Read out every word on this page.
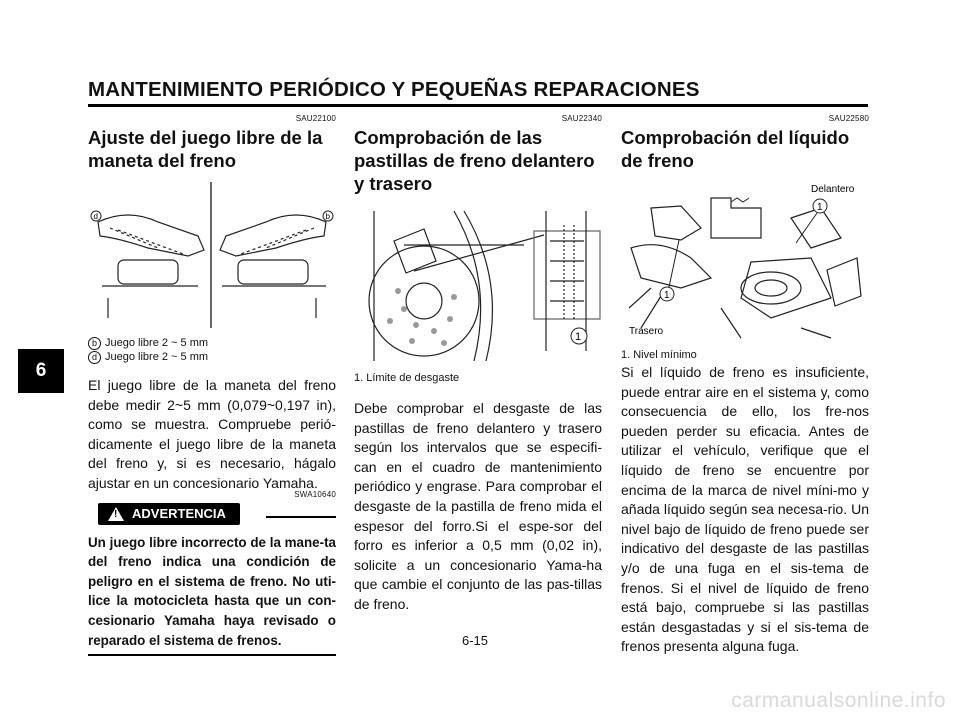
MANTENIMIENTO PERIÓDICO Y PEQUEÑAS REPARACIONES
6
SAU22100
Ajuste del juego libre de la maneta del freno
d	b
b Juego libre 2 ~ 5 mm
d Juego libre 2 ~ 5 mm

El juego libre de la maneta del freno debe medir 2~5 mm (0,079~0,197 in), como se muestra. Compruebe perió-dicamente el juego libre de la maneta del freno y, si es necesario, hágalo ajustar en un concesionario Yamaha.

SWA10640
! ADVERTENCIA

Un juego libre incorrecto de la mane-ta del freno indica una condición de peligro en el sistema de freno. No uti-lice la motocicleta hasta que un con-cesionario Yamaha haya revisado o reparado el sistema de frenos.

SAU22340
Comprobación de las pastillas de freno delantero y trasero
1
1. Límite de desgaste

Debe comprobar el desgaste de las pastillas de freno delantero y trasero según los intervalos que se especifi-can en el cuadro de mantenimiento periódico y engrase. Para comprobar el desgaste de la pastilla de freno mida el espesor del forro.Si el espe-sor del forro es inferior a 0,5 mm (0,02 in), solicite a un concesionario Yama-ha que cambie el conjunto de las pas-tillas de freno.

SAU22580
Comprobación del líquido de freno
Delantero
1
1
Trasero
1. Nivel mínimo

Si el líquido de freno es insuficiente, puede entrar aire en el sistema y, como consecuencia de ello, los fre-nos pueden perder su eficacia. Antes de utilizar el vehículo, verifique que el líquido de freno se encuentre por encima de la marca de nivel míni-mo y añada líquido según sea necesa-rio. Un nivel bajo de líquido de freno puede ser indicativo del desgaste de las pastillas y/o de una fuga en el sis-tema de frenos. Si el nivel de líquido de freno está bajo, compruebe si las pastillas están desgastadas y si el sis-tema de frenos presenta alguna fuga.

6-15
carmanualsonline.info
